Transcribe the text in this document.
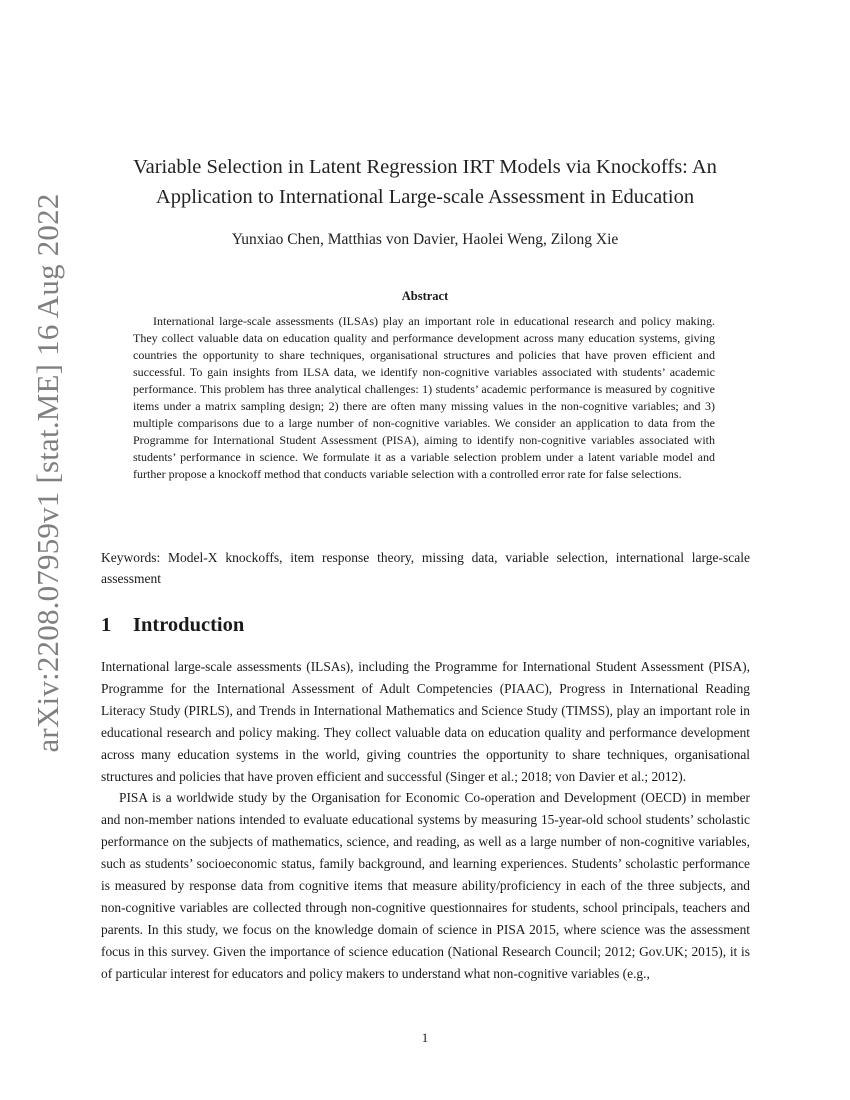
arXiv:2208.07959v1 [stat.ME] 16 Aug 2022
Variable Selection in Latent Regression IRT Models via Knockoffs: An Application to International Large-scale Assessment in Education
Yunxiao Chen, Matthias von Davier, Haolei Weng, Zilong Xie
Abstract

International large-scale assessments (ILSAs) play an important role in educational research and policy making. They collect valuable data on education quality and performance development across many education systems, giving countries the opportunity to share techniques, organisational structures and policies that have proven efficient and successful. To gain insights from ILSA data, we identify non-cognitive variables associated with students’ academic performance. This problem has three analytical challenges: 1) students’ academic performance is measured by cognitive items under a matrix sampling design; 2) there are often many missing values in the non-cognitive variables; and 3) multiple comparisons due to a large number of non-cognitive variables. We consider an application to data from the Programme for International Student Assessment (PISA), aiming to identify non-cognitive variables associated with students’ performance in science. We formulate it as a variable selection problem under a latent variable model and further propose a knockoff method that conducts variable selection with a controlled error rate for false selections.

Keywords: Model-X knockoffs, item response theory, missing data, variable selection, international large-scale assessment

1 Introduction

International large-scale assessments (ILSAs), including the Programme for International Student Assessment (PISA), Programme for the International Assessment of Adult Competencies (PIAAC), Progress in International Reading Literacy Study (PIRLS), and Trends in International Mathematics and Science Study (TIMSS), play an important role in educational research and policy making. They collect valuable data on education quality and performance development across many education systems in the world, giving countries the opportunity to share techniques, organisational structures and policies that have proven efficient and successful (Singer et al.; 2018; von Davier et al.; 2012).

PISA is a worldwide study by the Organisation for Economic Co-operation and Development (OECD) in member and non-member nations intended to evaluate educational systems by measuring 15-year-old school students’ scholastic performance on the subjects of mathematics, science, and reading, as well as a large number of non-cognitive variables, such as students’ socioeconomic status, family background, and learning experiences. Students’ scholastic performance is measured by response data from cognitive items that measure ability/proficiency in each of the three subjects, and non-cognitive variables are collected through non-cognitive questionnaires for students, school principals, teachers and parents. In this study, we focus on the knowledge domain of science in PISA 2015, where science was the assessment focus in this survey. Given the importance of science education (National Research Council; 2012; Gov.UK; 2015), it is of particular interest for educators and policy makers to understand what non-cognitive variables (e.g.,

1
